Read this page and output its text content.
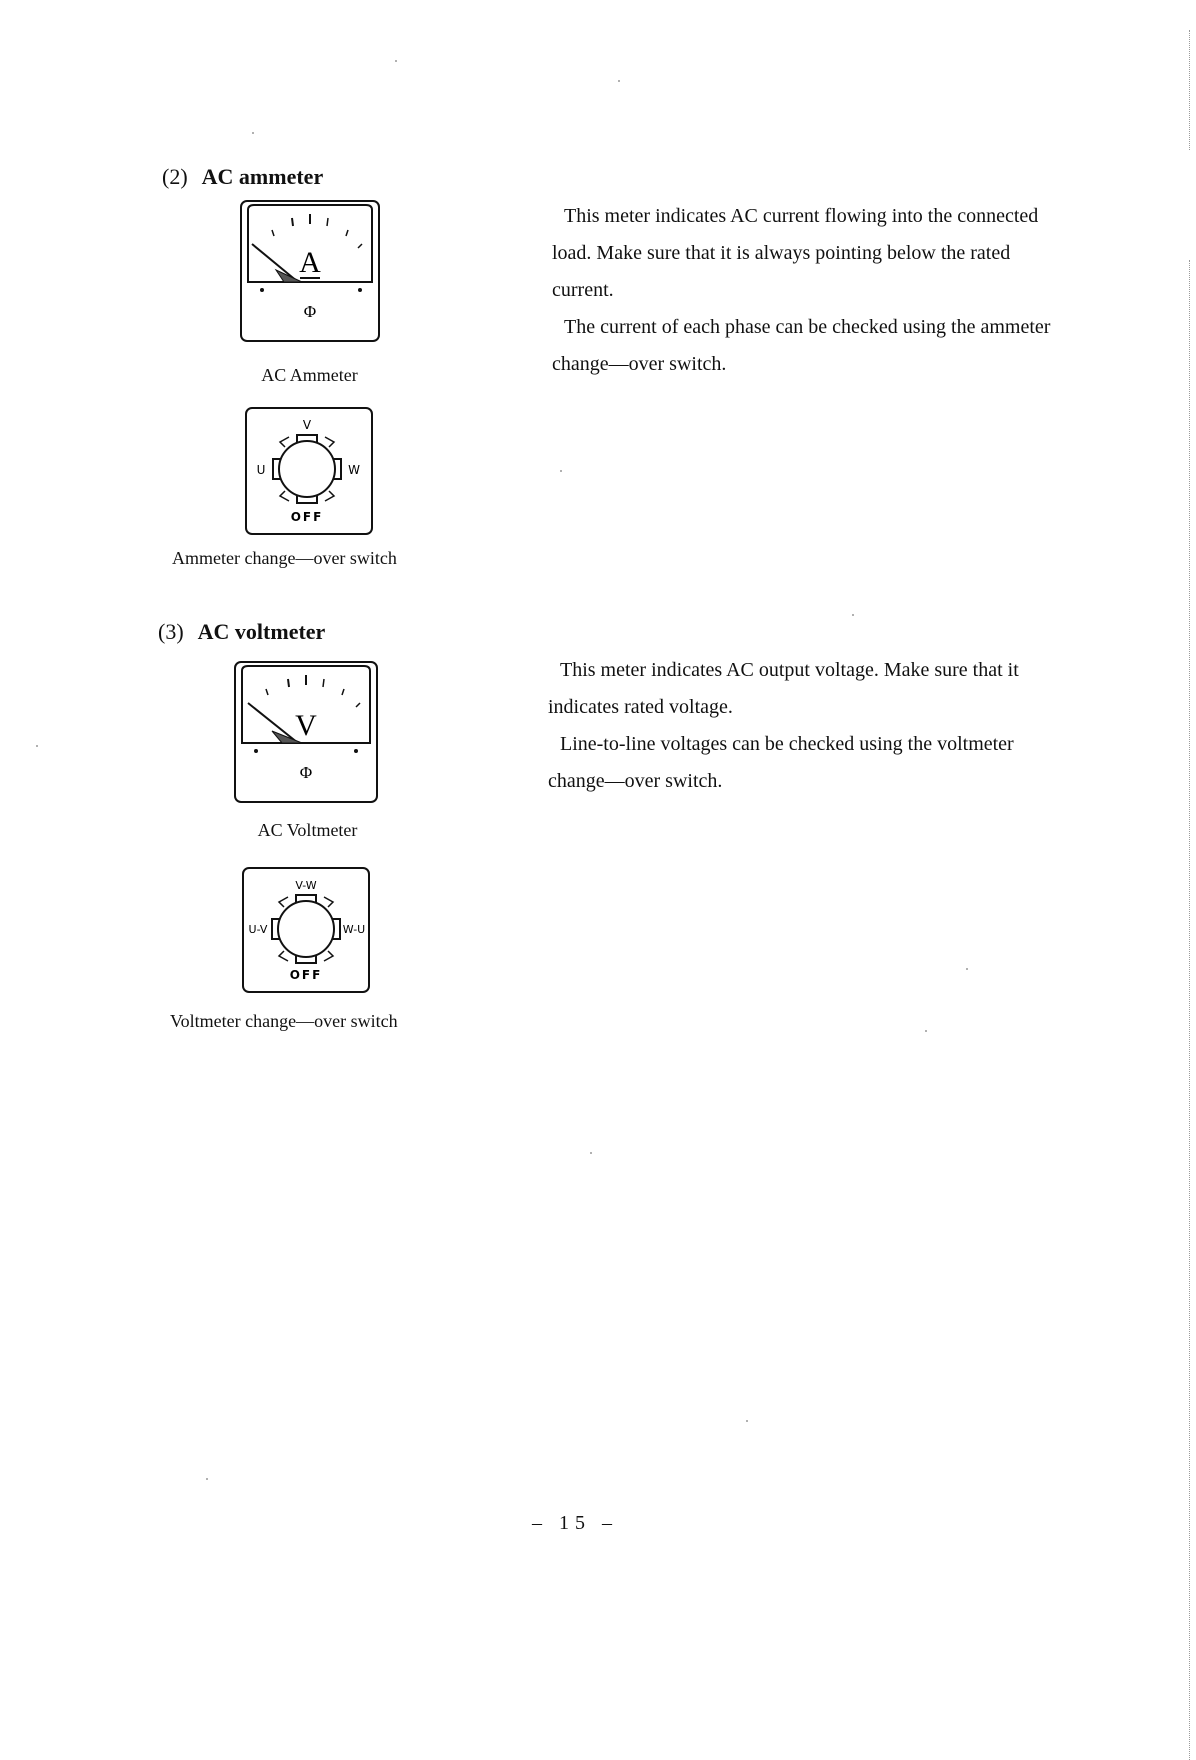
(2) AC ammeter
A
Φ
AC Ammeter
V
U	W
OFF
Ammeter change—over switch

This meter indicates AC current flowing into the connected load. Make sure that it is always pointing below the rated current.

The current of each phase can be checked using the ammeter change—over switch.

(3) AC voltmeter
V
Φ
AC Voltmeter
V-W
U-V	W-U
OFF
Voltmeter change—over switch

This meter indicates AC output voltage. Make sure that it indicates rated voltage.

Line-to-line voltages can be checked using the voltmeter change—over switch.

– 15 –
